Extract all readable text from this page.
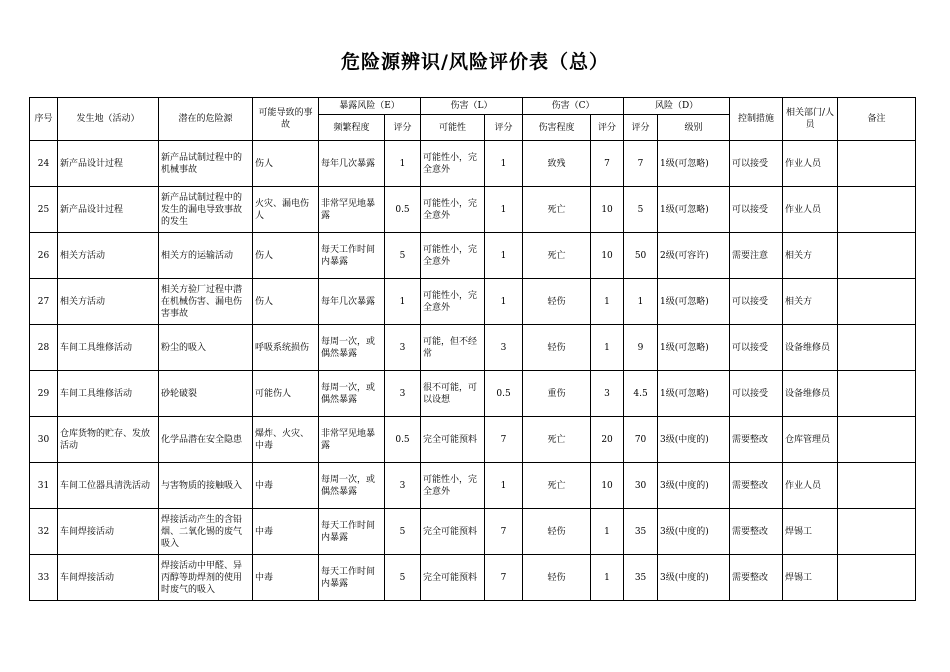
危险源辨识/风险评价表（总）
序号	发生地（活动）	潜在的危险源	可能导致的事故	暴露风险（E）		伤害（L）		伤害（C）		风险（D）		控制措施	相关部门/人员	备注
				频繁程度	评分	可能性	评分	伤害程度	评分	评分	级别			
24	新产品设计过程	新产品试制过程中的机械事故	伤人	每年几次暴露	1	可能性小，完全意外	1	致残	7	7	1级(可忽略)	可以接受	作业人员	
25	新产品设计过程	新产品试制过程中的发生的漏电导致事故的发生	火灾、漏电伤人	非常罕见地暴露	0.5	可能性小，完全意外	1	死亡	10	5	1级(可忽略)	可以接受	作业人员	
26	相关方活动	相关方的运输活动	伤人	每天工作时间内暴露	5	可能性小，完全意外	1	死亡	10	50	2级(可容许)	需要注意	相关方	
27	相关方活动	相关方验厂过程中潜在机械伤害、漏电伤害事故	伤人	每年几次暴露	1	可能性小，完全意外	1	轻伤	1	1	1级(可忽略)	可以接受	相关方	
28	车间工具维修活动	粉尘的吸入	呼吸系统损伤	每周一次，或偶然暴露	3	可能，但不经常	3	轻伤	1	9	1级(可忽略)	可以接受	设备维修员	
29	车间工具维修活动	砂轮破裂	可能伤人	每周一次，或偶然暴露	3	很不可能，可以设想	0.5	重伤	3	4.5	1级(可忽略)	可以接受	设备维修员	
30	仓库货物的贮存、发放活动	化学品潜在安全隐患	爆炸、火灾、中毒	非常罕见地暴露	0.5	完全可能预料	7	死亡	20	70	3级(中度的)	需要整改	仓库管理员	
31	车间工位器具清洗活动	与害物质的接触吸入	中毒	每周一次，或偶然暴露	3	可能性小，完全意外	1	死亡	10	30	3级(中度的)	需要整改	作业人员	
32	车间焊接活动	焊接活动产生的含铅烟、二氧化锡的废气吸入	中毒	每天工作时间内暴露	5	完全可能预料	7	轻伤	1	35	3级(中度的)	需要整改	焊锡工	
33	车间焊接活动	焊接活动中甲醛、异丙醇等助焊剂的使用时废气的吸入	中毒	每天工作时间内暴露	5	完全可能预料	7	轻伤	1	35	3级(中度的)	需要整改	焊锡工	
